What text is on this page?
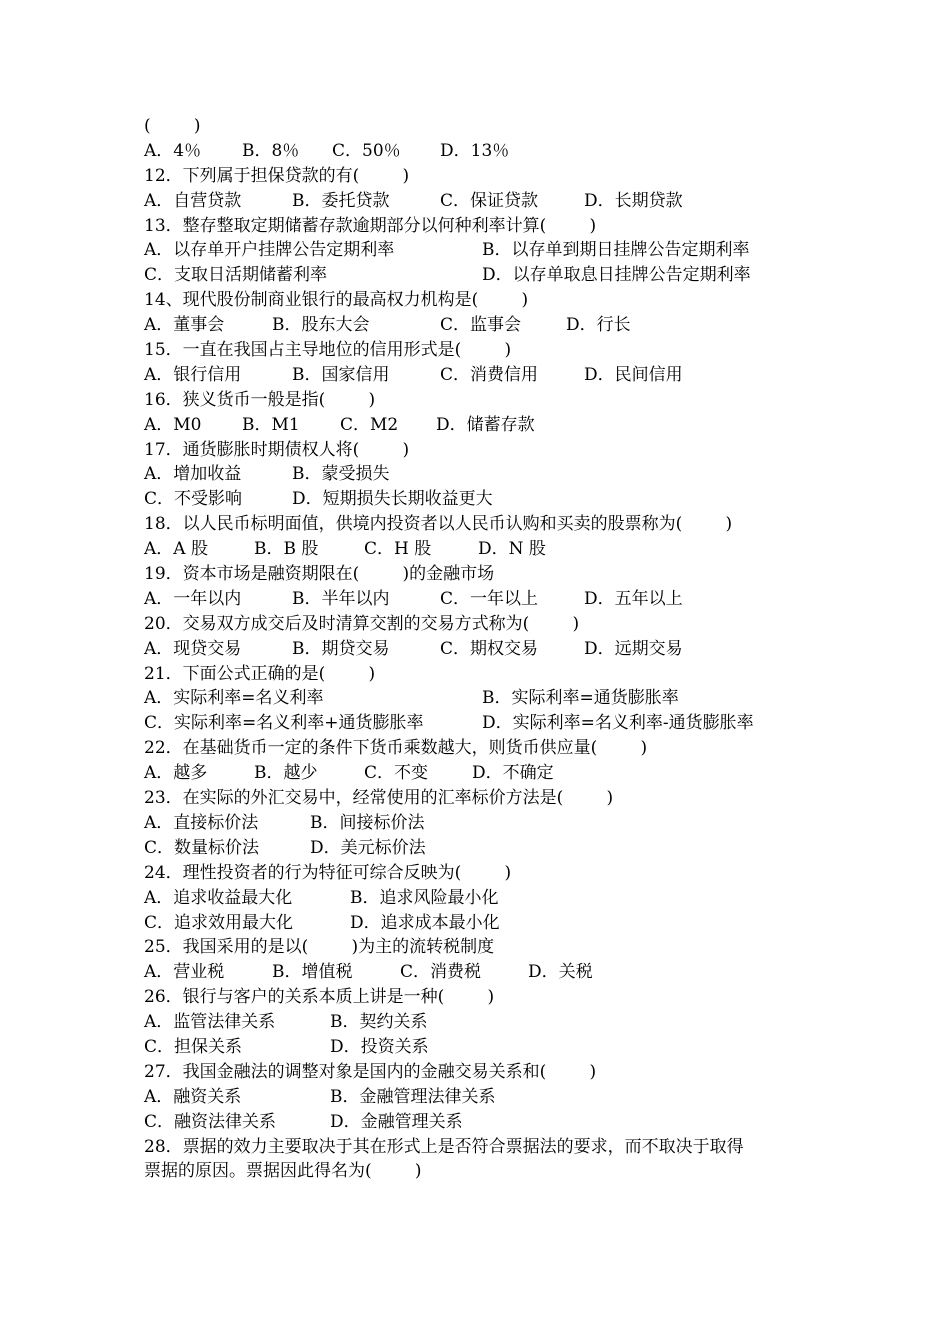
(        )
A．4％ B．8％ C．50％ D．13％
12．下列属于担保贷款的有(        )
A．自营贷款	B．委托贷款	C．保证贷款	D．长期贷款
13．整存整取定期储蓄存款逾期部分以何种利率计算(        )
A．以存单开户挂牌公告定期利率	B．以存单到期日挂牌公告定期利率
C．支取日活期储蓄利率	D．以存单取息日挂牌公告定期利率
14、现代股份制商业银行的最高权力机构是(        )
A．董事会	B．股东大会	C．监事会	D．行长
15．一直在我国占主导地位的信用形式是(        )
A．银行信用	B．国家信用	C．消费信用	D．民间信用
16．狭义货币一般是指(        )
A．M0 B．M1 C．M2 D．储蓄存款
17．通货膨胀时期债权人将(        )
A．增加收益	B．蒙受损失
C．不受影响	D．短期损失长期收益更大
18．以人民币标明面值，供境内投资者以人民币认购和买卖的股票称为(        )
A．A 股	B．B 股	C．H 股	D．N 股
19．资本市场是融资期限在(        )的金融市场
A．一年以内	B．半年以内	C．一年以上	D．五年以上
20．交易双方成交后及时清算交割的交易方式称为(        )
A．现贷交易	B．期贷交易	C．期权交易	D．远期交易
21．下面公式正确的是(        )
A．实际利率=名义利率	B．实际利率=通货膨胀率
C．实际利率=名义利率+通货膨胀率	D．实际利率=名义利率-通货膨胀率
22．在基础货币一定的条件下货币乘数越大，则货币供应量(        )
A．越多	B．越少	C．不变	D．不确定
23．在实际的外汇交易中，经常使用的汇率标价方法是(        )
A．直接标价法	B．间接标价法
C．数量标价法	D．美元标价法
24．理性投资者的行为特征可综合反映为(        )
A．追求收益最大化	B．追求风险最小化
C．追求效用最大化	D．追求成本最小化
25．我国采用的是以(        )为主的流转税制度
A．营业税	B．增值税	C．消费税	D．关税
26．银行与客户的关系本质上讲是一种(        )
A．监管法律关系	B．契约关系
C．担保关系	D．投资关系
27．我国金融法的调整对象是国内的金融交易关系和(        )
A．融资关系	B．金融管理法律关系
C．融资法律关系	D．金融管理关系
28．票据的效力主要取决于其在形式上是否符合票据法的要求，而不取决于取得
票据的原因。票据因此得名为(        )
